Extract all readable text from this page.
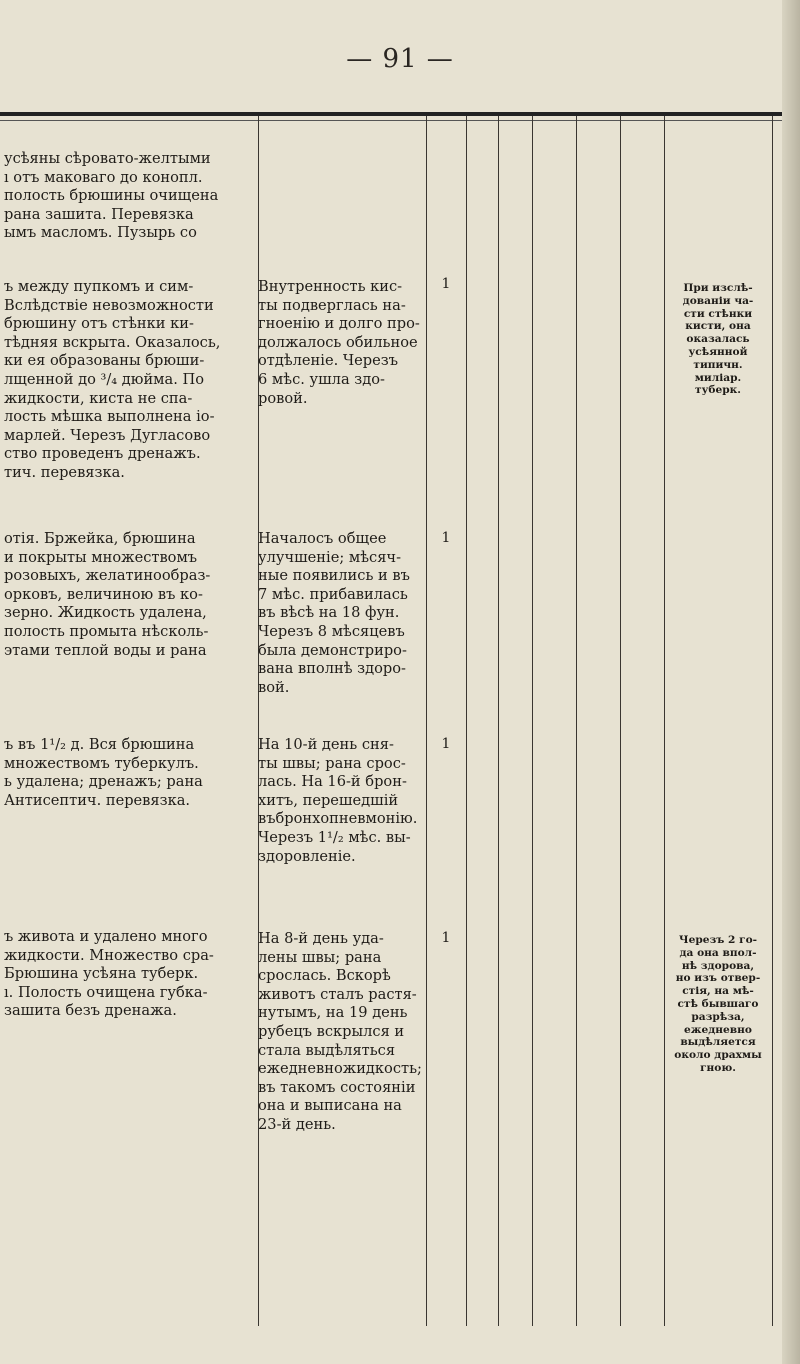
— 91 —
усѣяны сѣровато-желтыми
ı отъ маковаго до конопл.
полость брюшины очищена
рана зашита. Перевязка
ымъ масломъ. Пузырь со
ъ между пупкомъ и сим-
Вслѣдствіе невозможности
брюшину отъ стѣнки ки-
тѣдняя вскрыта. Оказалось,
ки ея образованы брюши-
лщенной до ³/₄ дюйма. По
жидкости, киста не спа-
лость мѣшка выполнена іо-
марлей. Черезъ Дугласово
ство проведенъ дренажъ.
тич. перевязка.
Внутренность кис-
ты подверглась на-
гноенію и долго про-
должалось обильное
отдѣленіе. Черезъ
6 мѣс. ушла здо-
ровой.
1	При изслѣ-
дованіи ча-
сти стѣнки
кисти, она
оказалась
усѣянной
типичн.
миліар.
туберк.
отія. Бржейка, брюшина
и покрыты множествомъ
розовыхъ, желатинообраз-
орковъ, величиною въ ко-
зерно. Жидкость удалена,
полость промыта нѣсколь-
этами теплой воды и рана
Началосъ общее
улучшеніе; мѣсяч-
ные появились и въ
7 мѣс. прибавилась
въ вѣсѣ на 18 фун.
Черезъ 8 мѣсяцевъ
была демонстриро-
вана вполнѣ здоро-
вой.
1
ъ въ 1¹/₂ д. Вся брюшина
множествомъ туберкулъ.
ь удалена; дренажъ; рана
Антисептич. перевязка.
На 10-й день сня-
ты швы; рана срос-
лась. На 16-й брон-
хитъ, перешедшій
въбронхопневмонію.
Черезъ 1¹/₂ мѣс. вы-
здоровленіе.
1
ъ живота и удалено много
жидкости. Множество сра-
Брюшина усѣяна туберк.
ı. Полость очищена губка-
зашита безъ дренажа.
На 8-й день уда-
лены швы; рана
срослась. Вскорѣ
животъ сталъ растя-
нутымъ, на 19 день
рубецъ вскрылся и
стала выдѣляться
ежедневножидкость;
въ такомъ состояніи
она и выписана на
23-й день.
1	Черезъ 2 го-
да она впол-
нѣ здорова,
но изъ отвер-
стія, на мѣ-
стѣ бывшаго
разрѣза,
ежедневно
выдѣляется
около драхмы
гною.
